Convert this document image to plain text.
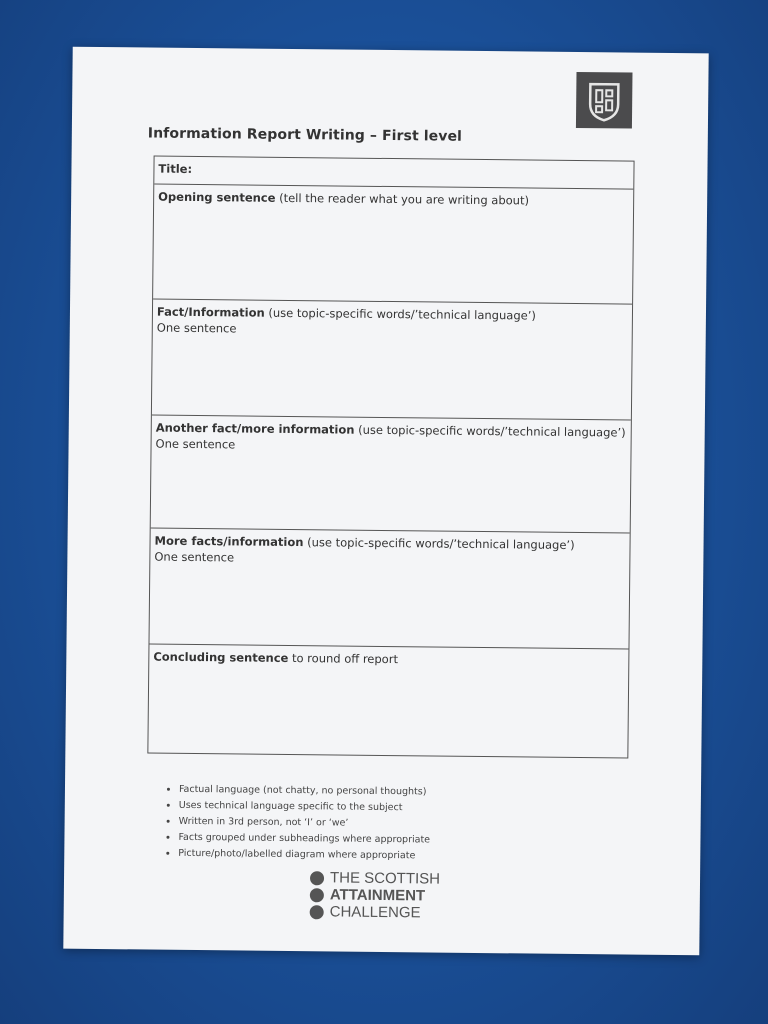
Information Report Writing – First level
Title:
Opening sentence (tell the reader what you are writing about)
Fact/Information (use topic-specific words/’technical language’)
One sentence
Another fact/more information (use topic-specific words/’technical language’)
One sentence
More facts/information (use topic-specific words/’technical language’)
One sentence
Concluding sentence to round off report
• Factual language (not chatty, no personal thoughts)
• Uses technical language specific to the subject
• Written in 3rd person, not ‘I’ or ‘we’
• Facts grouped under subheadings where appropriate
• Picture/photo/labelled diagram where appropriate
THE SCOTTISH
ATTAINMENT
CHALLENGE
